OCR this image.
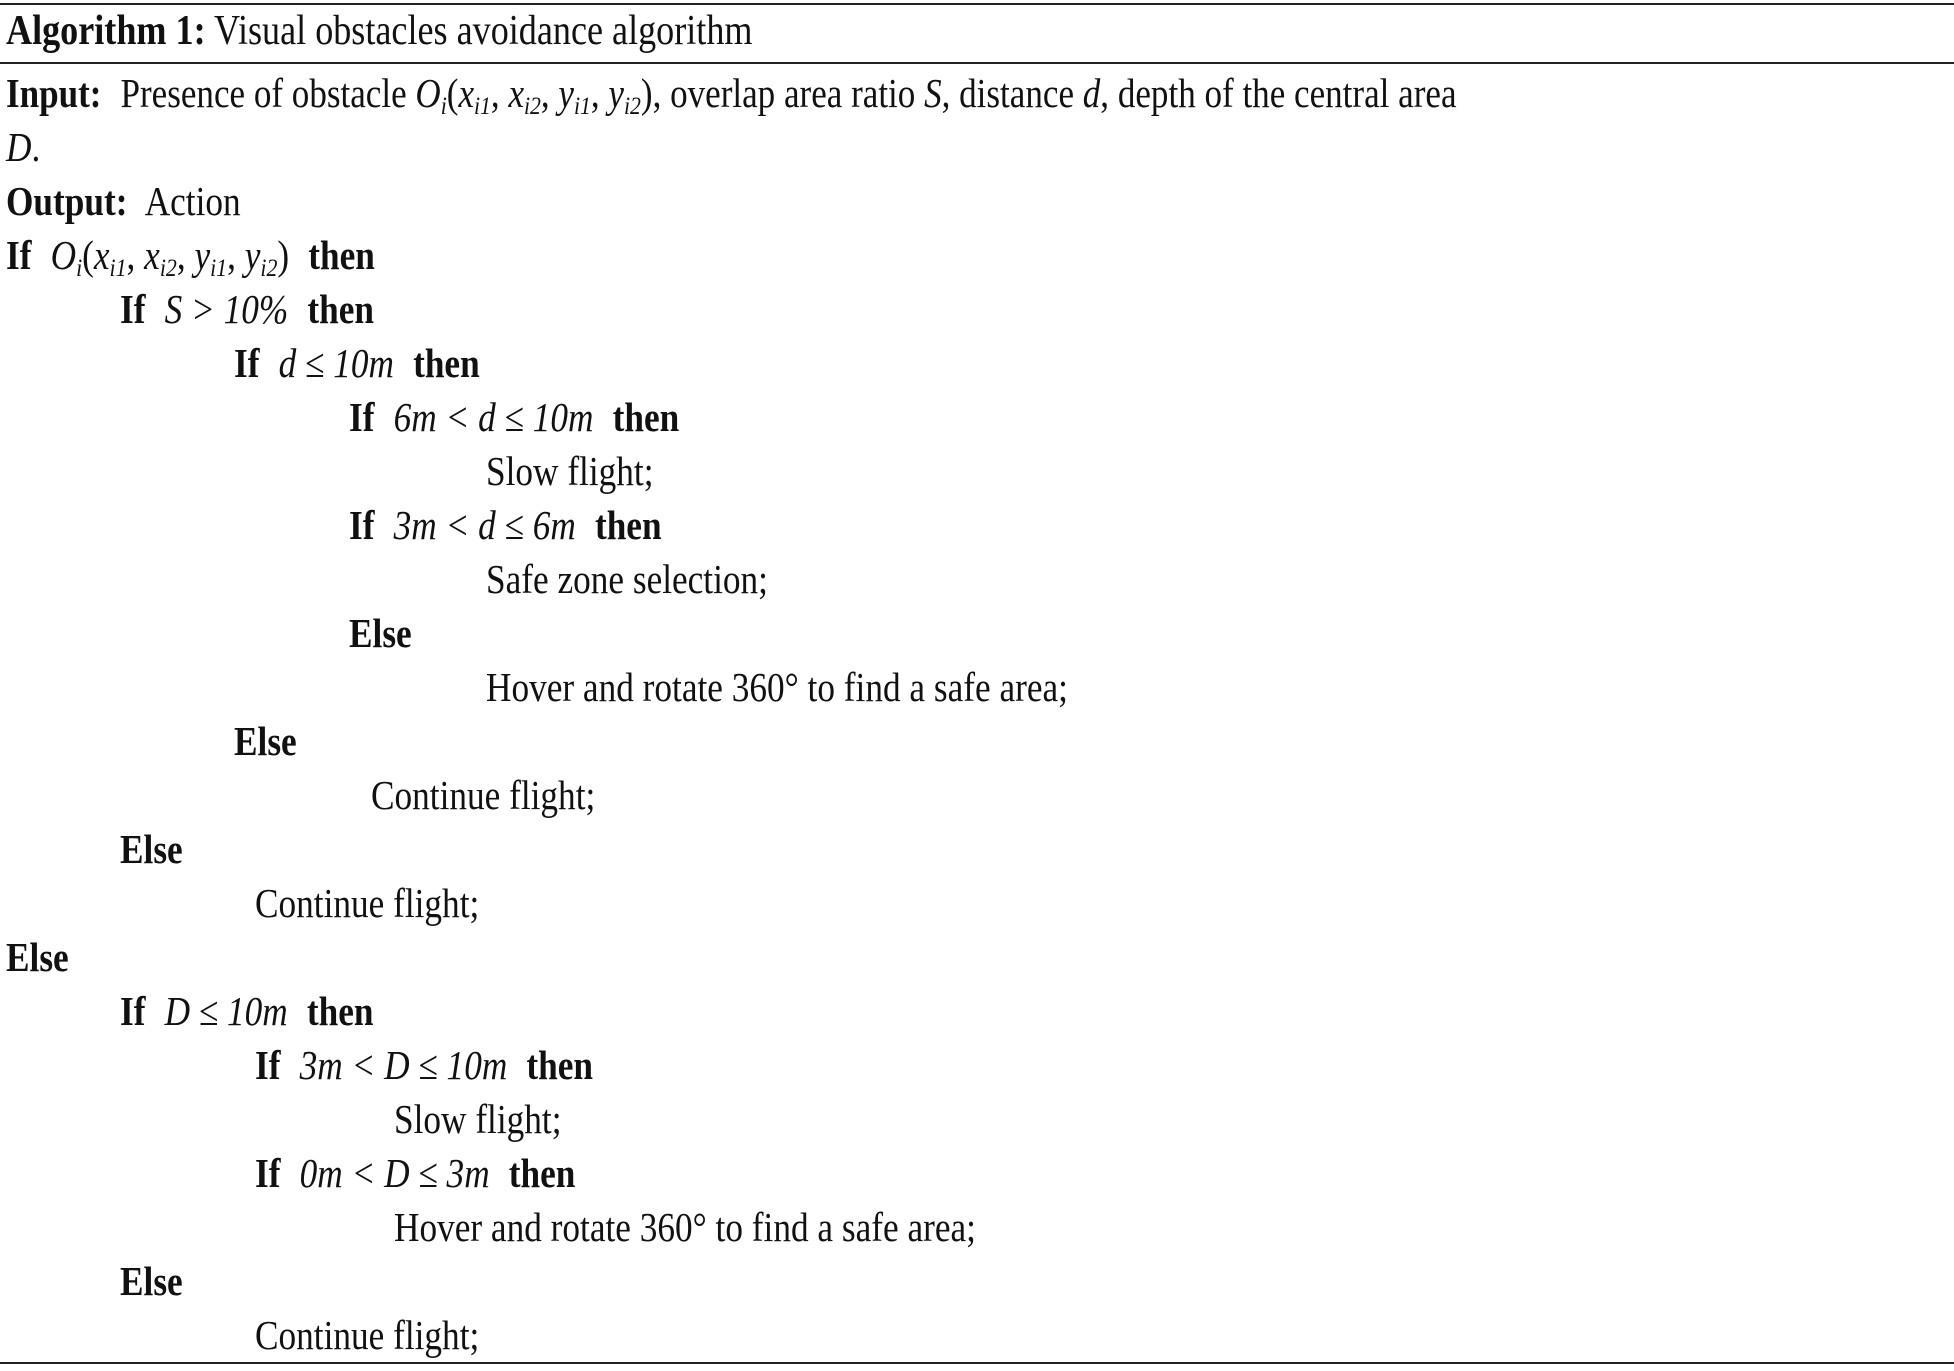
Algorithm 1: Visual obstacles avoidance algorithm
Input: Presence of obstacle $O_i(x_{i1}$, $x_{i2}$, $y_{i1}$, $y_{i2}$), overlap area ratio S, distance d, depth of the central area
D.
Output: Action
If $O_i(x_{i1}$, $x_{i2}$, $y_{i1}$, $y_{i2}$) then
If S > 10% then
If d ≤ 10m then
If 6m < d ≤ 10m then
Slow flight;
If 3m < d ≤ 6m then
Safe zone selection;
Else
Hover and rotate 360° to find a safe area;
Else
Continue flight;
Else
Continue flight;
Else
If D ≤ 10m then
If 3m < D ≤ 10m then
Slow flight;
If 0m < D ≤ 3m then
Hover and rotate 360° to find a safe area;
Else
Continue flight;
